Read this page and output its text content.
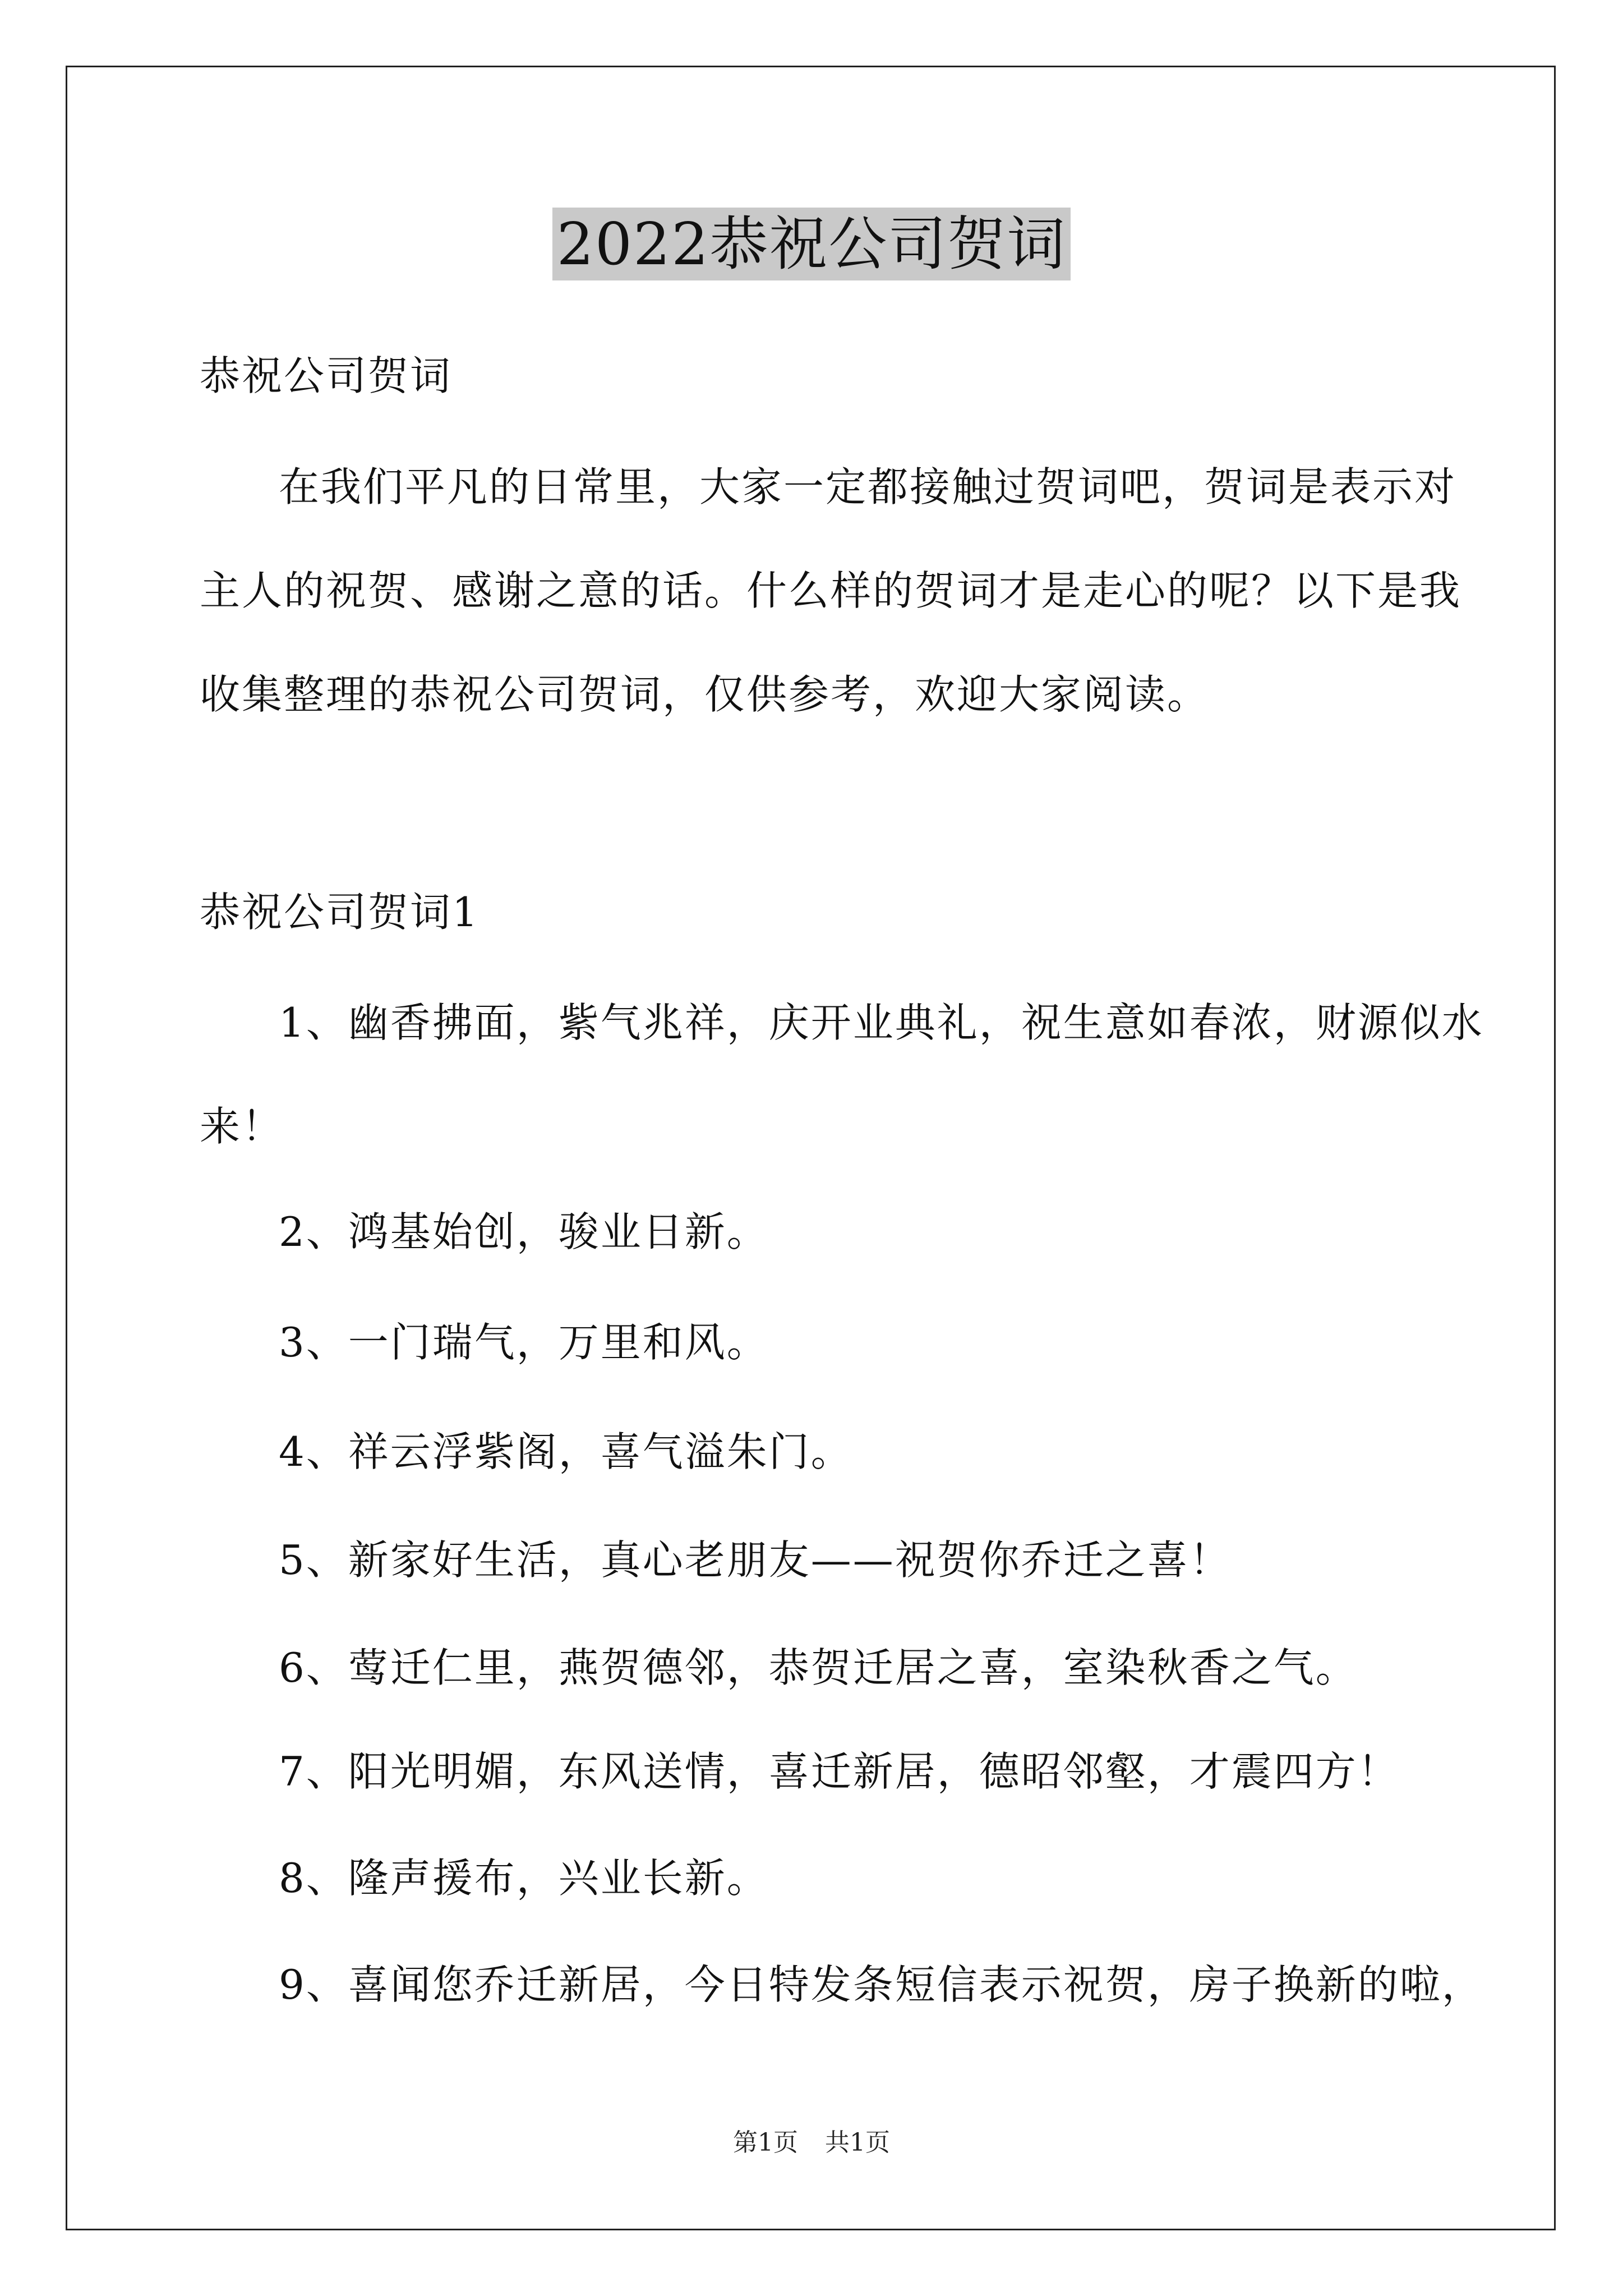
2022恭祝公司贺词
恭祝公司贺词
在我们平凡的日常里，大家一定都接触过贺词吧，贺词是表示对
主人的祝贺、感谢之意的话。什么样的贺词才是走心的呢？以下是我
收集整理的恭祝公司贺词，仅供参考，欢迎大家阅读。
恭祝公司贺词1
1、幽香拂面，紫气兆祥，庆开业典礼，祝生意如春浓，财源似水
来！
2、鸿基始创，骏业日新。
3、一门瑞气，万里和风。
4、祥云浮紫阁，喜气溢朱门。
5、新家好生活，真心老朋友——祝贺你乔迁之喜！
6、莺迁仁里，燕贺德邻，恭贺迁居之喜，室染秋香之气。
7、阳光明媚，东风送情，喜迁新居，德昭邻壑，才震四方！
8、隆声援布，兴业长新。
9、喜闻您乔迁新居，今日特发条短信表示祝贺，房子换新的啦，
第1页 共1页
